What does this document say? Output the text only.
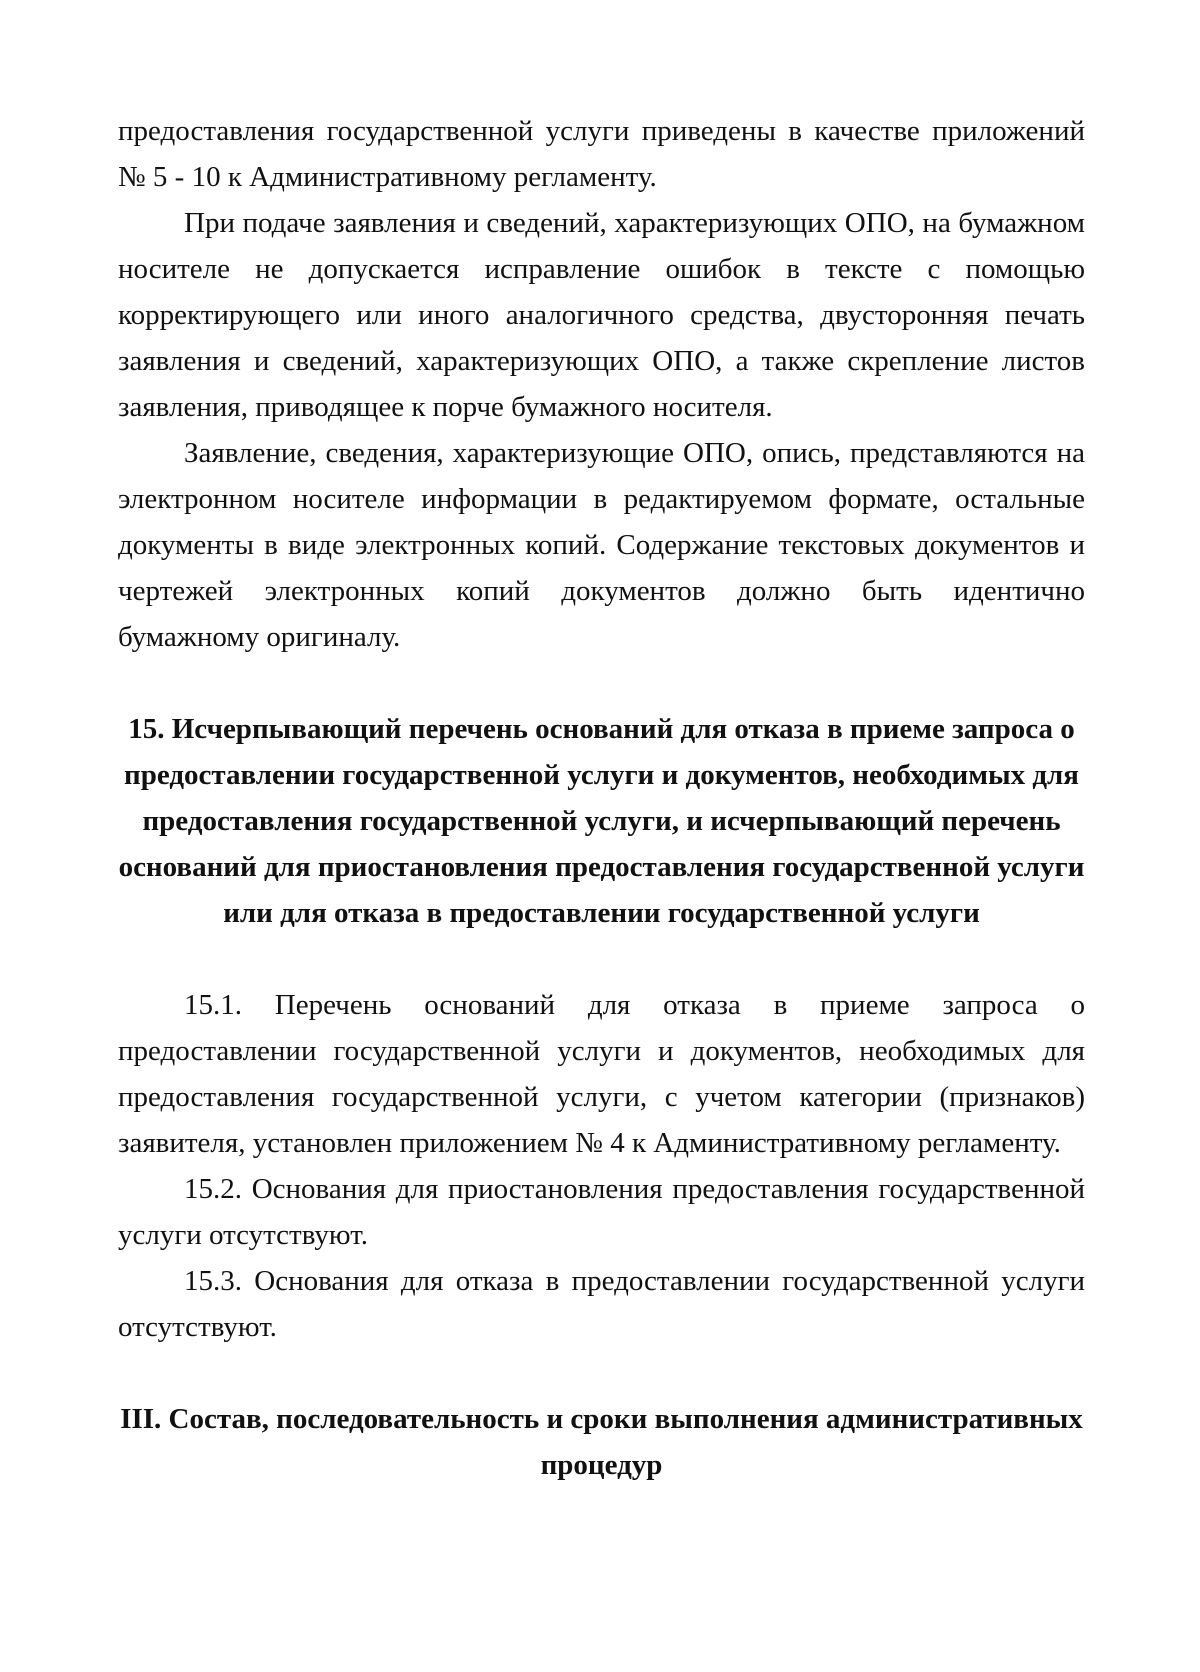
предоставления государственной услуги приведены в качестве приложений № 5 - 10 к Административному регламенту.

При подаче заявления и сведений, характеризующих ОПО, на бумажном носителе не допускается исправление ошибок в тексте с помощью корректирующего или иного аналогичного средства, двусторонняя печать заявления и сведений, характеризующих ОПО, а также скрепление листов заявления, приводящее к порче бумажного носителя.

Заявление, сведения, характеризующие ОПО, опись, представляются на электронном носителе информации в редактируемом формате, остальные документы в виде электронных копий. Содержание текстовых документов и чертежей электронных копий документов должно быть идентично бумажному оригиналу.

15. Исчерпывающий перечень оснований для отказа в приеме запроса о предоставлении государственной услуги и документов, необходимых для предоставления государственной услуги, и исчерпывающий перечень оснований для приостановления предоставления государственной услуги или для отказа в предоставлении государственной услуги

15.1. Перечень оснований для отказа в приеме запроса о предоставлении государственной услуги и документов, необходимых для предоставления государственной услуги, с учетом категории (признаков) заявителя, установлен приложением № 4 к Административному регламенту.

15.2. Основания для приостановления предоставления государственной услуги отсутствуют.

15.3. Основания для отказа в предоставлении государственной услуги отсутствуют.

III. Состав, последовательность и сроки выполнения административных процедур
